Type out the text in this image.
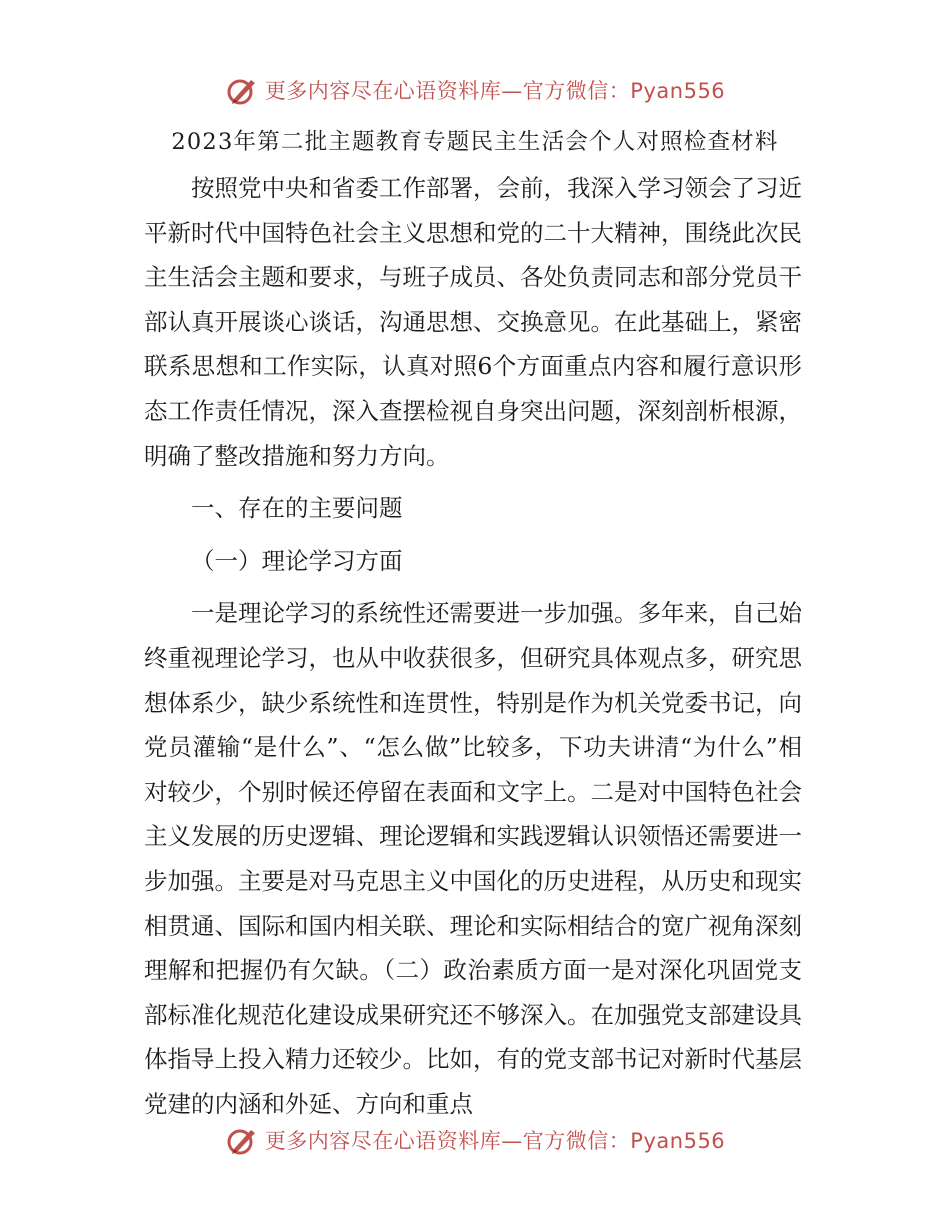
更多内容尽在心语资料库—官方微信：Pyan556
2023年第二批主题教育专题民主生活会个人对照检查材料

按照党中央和省委工作部署，会前，我深入学习领会了习近平新时代中国特色社会主义思想和党的二十大精神，围绕此次民主生活会主题和要求，与班子成员、各处负责同志和部分党员干部认真开展谈心谈话，沟通思想、交换意见。在此基础上，紧密联系思想和工作实际，认真对照6个方面重点内容和履行意识形态工作责任情况，深入查摆检视自身突出问题，深刻剖析根源，明确了整改措施和努力方向。

一、存在的主要问题

（一）理论学习方面

一是理论学习的系统性还需要进一步加强。多年来，自己始终重视理论学习，也从中收获很多，但研究具体观点多，研究思想体系少，缺少系统性和连贯性，特别是作为机关党委书记，向党员灌输“是什么”、“怎么做”比较多，下功夫讲清“为什么”相对较少，个别时候还停留在表面和文字上。二是对中国特色社会主义发展的历史逻辑、理论逻辑和实践逻辑认识领悟还需要进一步加强。主要是对马克思主义中国化的历史进程，从历史和现实相贯通、国际和国内相关联、理论和实际相结合的宽广视角深刻理解和把握仍有欠缺。（二）政治素质方面一是对深化巩固党支部标准化规范化建设成果研究还不够深入。在加强党支部建设具体指导上投入精力还较少。比如，有的党支部书记对新时代基层党建的内涵和外延、方向和重点

更多内容尽在心语资料库—官方微信：Pyan556
